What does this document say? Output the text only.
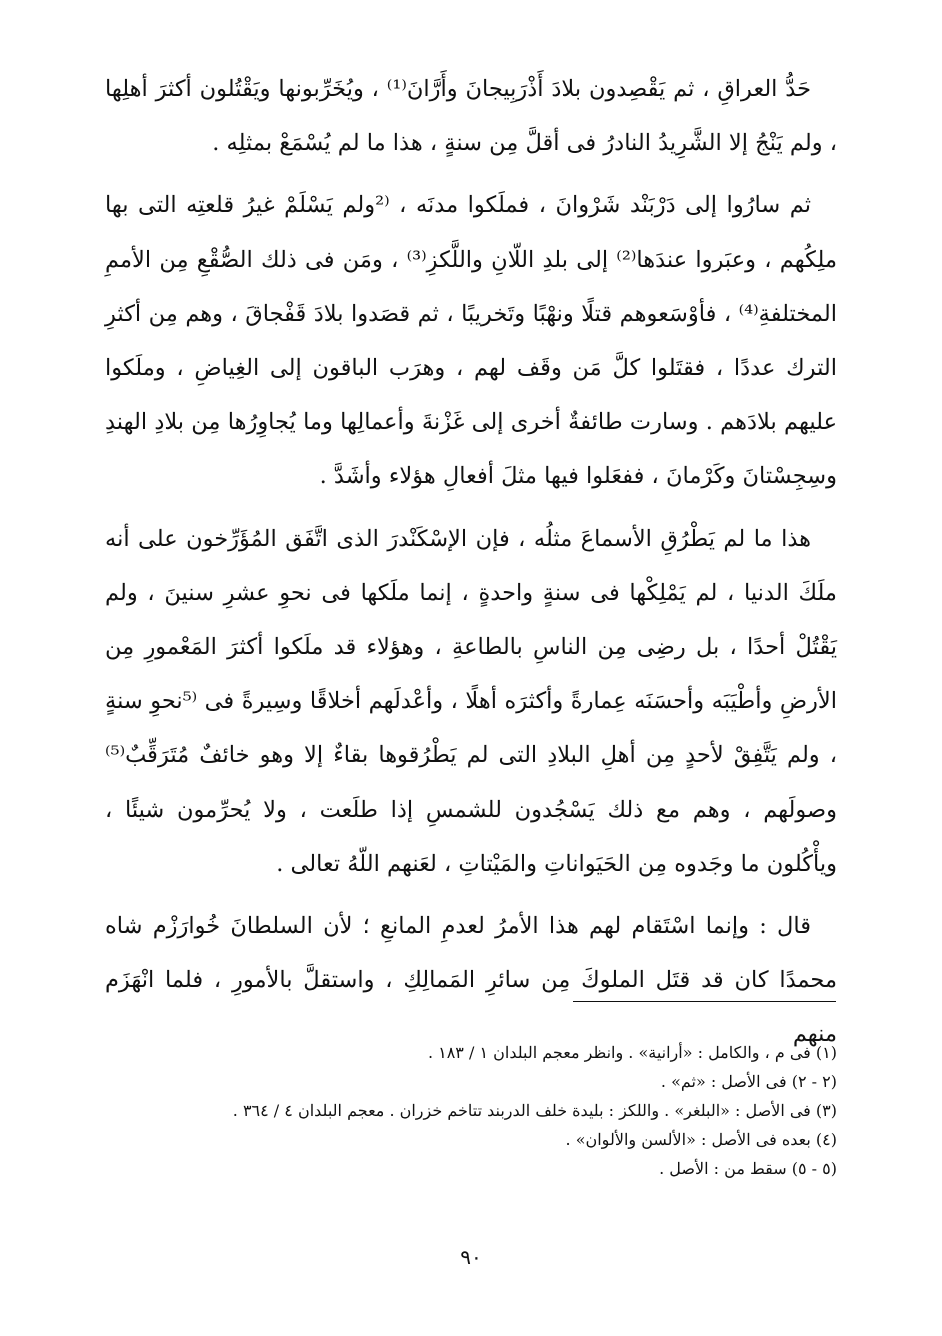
حَدُّ العراقِ ، ثم يَقْصِدون بلادَ أَذْرَبِيجانَ وأَرَّانَ⁽¹⁾ ، ويُخَرِّبونها ويَقْتُلون أكثرَ أهلِها ، ولم يَنْجُ إلا الشَّرِيدُ النادرُ فى أقلَّ مِن سنةٍ ، هذا ما لم يُسْمَعْ بمثلِه .

ثم سارُوا إلى دَرْبَنْد شَرْوانَ ، فملَكوا مدنَه ، ⁽²ولم يَسْلَمْ غيرُ قلعتِه التى بها ملِكُهم ، وعبَروا عندَها⁽²⁾ إلى بلدِ اللّانِ واللَّكزِ⁽³⁾ ، ومَن فى ذلك الصُّقْعِ مِن الأممِ المختلفةِ⁽⁴⁾ ، فأوْسَعوهم قتلًا ونهْبًا وتَخريبًا ، ثم قصَدوا بلادَ قَفْجاقَ ، وهم مِن أكثرِ الترك عددًا ، فقتَلوا كلَّ مَن وقَف لهم ، وهرَب الباقون إلى الغِياضِ ، وملَكوا عليهم بلادَهم . وسارت طائفةٌ أخرى إلى غَزْنةَ وأعمالِها وما يُجاوِرُها مِن بلادِ الهندِ وسِجِسْتانَ وكَرْمانَ ، ففعَلوا فيها مثلَ أفعالِ هؤلاء وأشَدَّ .

هذا ما لم يَطْرُقِ الأسماعَ مثلُه ، فإن الإسْكَنْدرَ الذى اتَّفَق المُؤَرِّخون على أنه ملَكَ الدنيا ، لم يَمْلِكْها فى سنةٍ واحدةٍ ، إنما ملَكها فى نحوِ عشرِ سنينَ ، ولم يَقْتُلْ أحدًا ، بل رضِى مِن الناسِ بالطاعةِ ، وهؤلاء قد ملَكوا أكثرَ المَعْمورِ مِن الأرضِ وأطْيَبَه وأحسَنَه عِمارةً وأكثرَه أهلًا ، وأعْدلَهم أخلاقًا وسِيرةً فى ⁽⁵نحوِ سنةٍ ، ولم يَتَّفِقْ لأحدٍ مِن أهلِ البلادِ التى لم يَطْرُقوها بقاءٌ إلا وهو خائفٌ مُتَرَقِّبٌ⁽⁵⁾ وصولَهم ، وهم مع ذلك يَسْجُدون للشمسِ إذا طلَعت ، ولا يُحرِّمون شيئًا ، ويأْكُلون ما وجَدوه مِن الحَيَواناتِ والمَيْتاتِ ، لعَنهم اللّهُ تعالى .

قال : وإنما اسْتَقام لهم هذا الأمرُ لعدمِ المانعِ ؛ لأن السلطانَ خُوارَزْم شاه محمدًا كان قد قتَل الملوكَ مِن سائرِ المَمالِكِ ، واستقلَّ بالأمورِ ، فلما انْهَزَم منهم

(١) فى م ، والكامل : «أرانية» . وانظر معجم البلدان ١ / ١٨٣ .

(٢ - ٢) فى الأصل : «ثم» .

(٣) فى الأصل : «البلغر» . واللكز : بليدة خلف الدربند تتاخم خزران . معجم البلدان ٤ / ٣٦٤ .

(٤) بعده فى الأصل : «الألسن والألوان» .

(٥ - ٥) سقط من : الأصل .

٩٠
